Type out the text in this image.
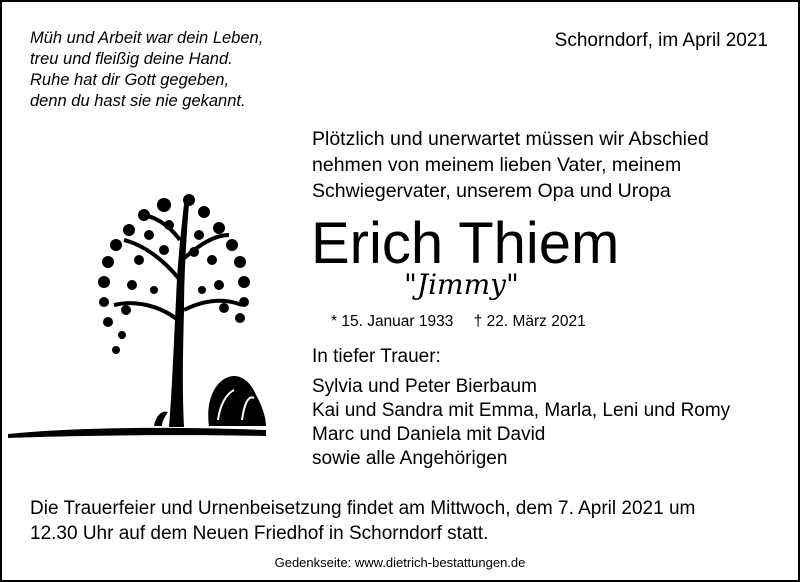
Müh und Arbeit war dein Leben,
treu und fleißig deine Hand.
Ruhe hat dir Gott gegeben,
denn du hast sie nie gekannt.
Schorndorf, im April 2021
Plötzlich und unerwartet müssen wir Abschied
nehmen von meinem lieben Vater, meinem
Schwiegervater, unserem Opa und Uropa
Erich Thiem
"Jimmy"
* 15. Januar 1933 † 22. März 2021
In tiefer Trauer:
Sylvia und Peter Bierbaum
Kai und Sandra mit Emma, Marla, Leni und Romy
Marc und Daniela mit David
sowie alle Angehörigen
Die Trauerfeier und Urnenbeisetzung findet am Mittwoch, dem 7. April 2021 um
12.30 Uhr auf dem Neuen Friedhof in Schorndorf statt.
Gedenkseite: www.dietrich-bestattungen.de
